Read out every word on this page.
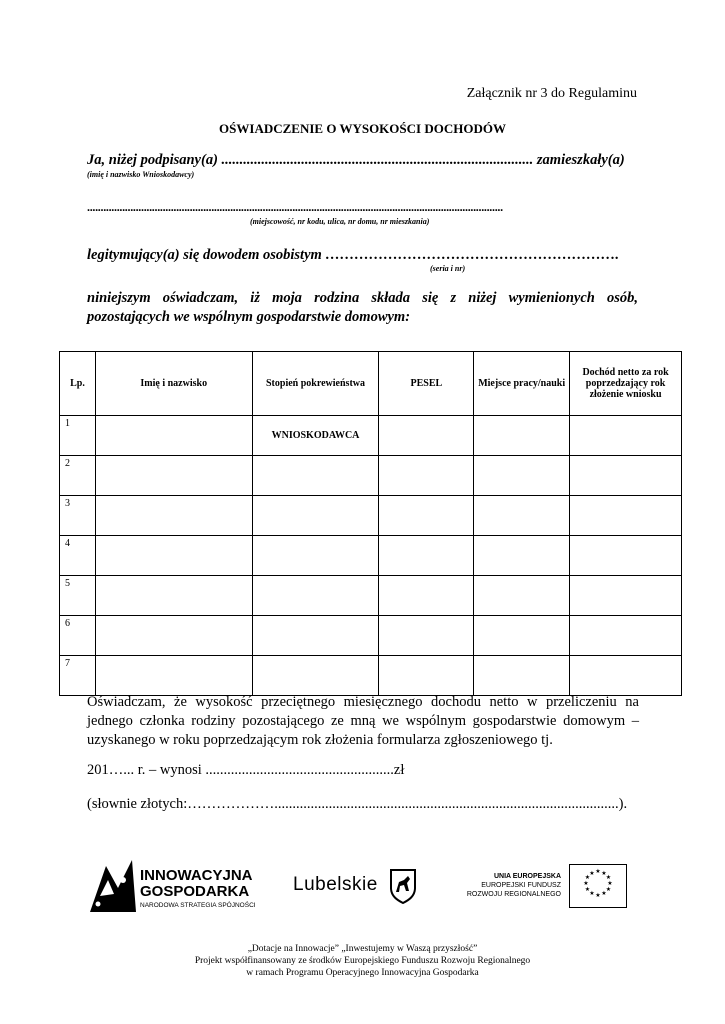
Załącznik nr 3 do Regulaminu
OŚWIADCZENIE O WYSOKOŚCI DOCHODÓW
Ja, niżej podpisany(a) ...................................................................................... zamieszkały(a)
(imię i nazwisko Wnioskodawcy)
..........................................................................................................................................................
(miejscowość, nr kodu, ulica, nr domu, nr mieszkania)
legitymujący(a) się dowodem osobistym …………………………………………………….
(seria i nr)
niniejszym oświadczam, iż moja rodzina składa się z niżej wymienionych osób, pozostających we wspólnym gospodarstwie domowym:
Lp.	Imię i nazwisko	Stopień pokrewieństwa	PESEL	Miejsce pracy/nauki	Dochód netto za rok poprzedzający rok złożenie wniosku
1		WNIOSKODAWCA			
2					
3					
4					
5					
6					
7					
Oświadczam, że wysokość przeciętnego miesięcznego dochodu netto w przeliczeniu na jednego członka rodziny pozostającego ze mną we wspólnym gospodarstwie domowym – uzyskanego w roku poprzedzającym rok złożenia formularza zgłoszeniowego tj.
201…... r. – wynosi ....................................................zł
(słownie złotych:………………...............................................................................................).
INNOWACYJNA
GOSPODARKA
NARODOWA STRATEGIA SPÓJNOŚCI
Lubelskie	UNIA EUROPEJSKA
EUROPEJSKI FUNDUSZ
ROZWOJU REGIONALNEGO
★ ★
★
★
★
★
★
★
★
★
★
★
„Dotacje na Innowacje” „Inwestujemy w Waszą przyszłość”
Projekt współfinansowany ze środków Europejskiego Funduszu Rozwoju Regionalnego
w ramach Programu Operacyjnego Innowacyjna Gospodarka
